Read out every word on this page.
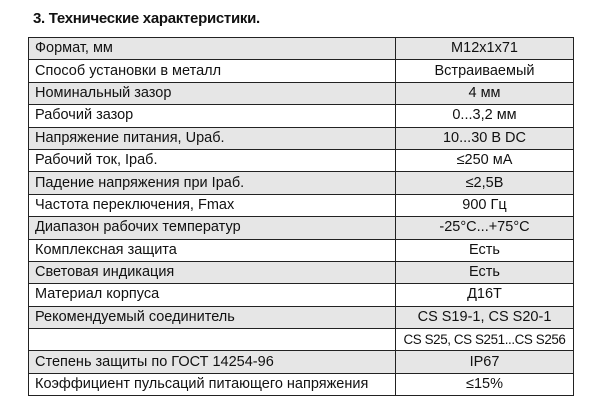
3. Технические характеристики.
Формат, мм	М12x1x71
Способ установки в металл	Встраиваемый
Номинальный зазор	4 мм
Рабочий зазор	0...3,2 мм
Напряжение питания, Uраб.	10...30 В DC
Рабочий ток, Iраб.	≤250 мА
Падение напряжения при Iраб.	≤2,5В
Частота переключения, Fmax	900 Гц
Диапазон рабочих температур	-25°C...+75°C
Комплексная защита	Есть
Световая индикация	Есть
Материал корпуса	Д16Т
Рекомендуемый соединитель	CS S19-1, CS S20-1
	CS S25, CS S251...CS S256
Степень защиты по ГОСТ 14254-96	IP67
Коэффициент пульсаций питающего напряжения	≤15%
